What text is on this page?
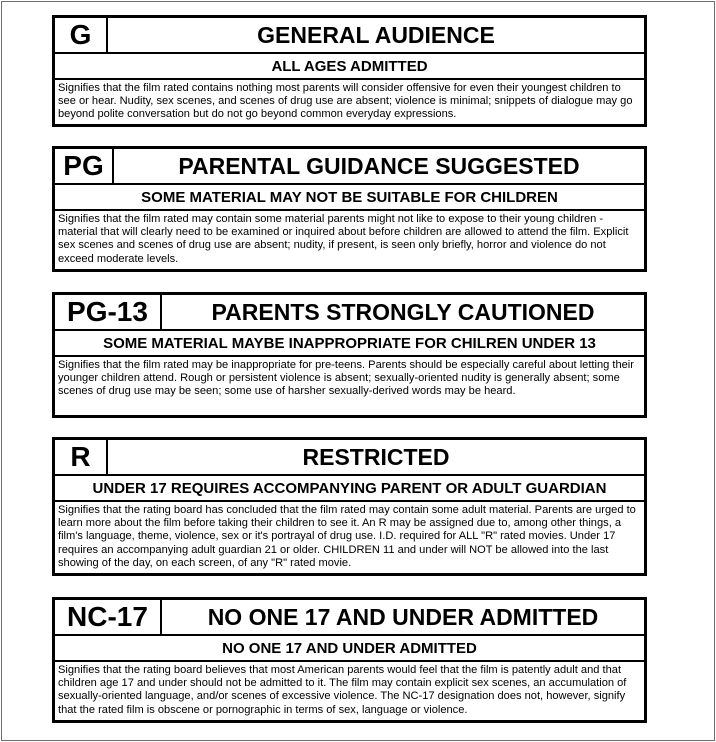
G	GENERAL AUDIENCE
ALL AGES ADMITTED
Signifies that the film rated contains nothing most parents will consider offensive for even their youngest children to see or hear. Nudity, sex scenes, and scenes of drug use are absent; violence is minimal; snippets of dialogue may go beyond polite conversation but do not go beyond common everyday expressions.
PG	PARENTAL GUIDANCE SUGGESTED
SOME MATERIAL MAY NOT BE SUITABLE FOR CHILDREN
Signifies that the film rated may contain some material parents might not like to expose to their young children - material that will clearly need to be examined or inquired about before children are allowed to attend the film. Explicit sex scenes and scenes of drug use are absent; nudity, if present, is seen only briefly, horror and violence do not exceed moderate levels.
PG-13	PARENTS STRONGLY CAUTIONED
SOME MATERIAL MAYBE INAPPROPRIATE FOR CHILREN UNDER 13
Signifies that the film rated may be inappropriate for pre-teens. Parents should be especially careful about letting their younger children attend. Rough or persistent violence is absent; sexually-oriented nudity is generally absent; some scenes of drug use may be seen; some use of harsher sexually-derived words may be heard.
R	RESTRICTED
UNDER 17 REQUIRES ACCOMPANYING PARENT OR ADULT GUARDIAN
Signifies that the rating board has concluded that the film rated may contain some adult material. Parents are urged to learn more about the film before taking their children to see it. An R may be assigned due to, among other things, a film's language, theme, violence, sex or it's portrayal of drug use. I.D. required for ALL "R" rated movies. Under 17 requires an accompanying adult guardian 21 or older. CHILDREN 11 and under will NOT be allowed into the last showing of the day, on each screen, of any "R" rated movie.
NC-17	NO ONE 17 AND UNDER ADMITTED
NO ONE 17 AND UNDER ADMITTED
Signifies that the rating board believes that most American parents would feel that the film is patently adult and that children age 17 and under should not be admitted to it. The film may contain explicit sex scenes, an accumulation of sexually-oriented language, and/or scenes of excessive violence. The NC-17 designation does not, however, signify that the rated film is obscene or pornographic in terms of sex, language or violence.
